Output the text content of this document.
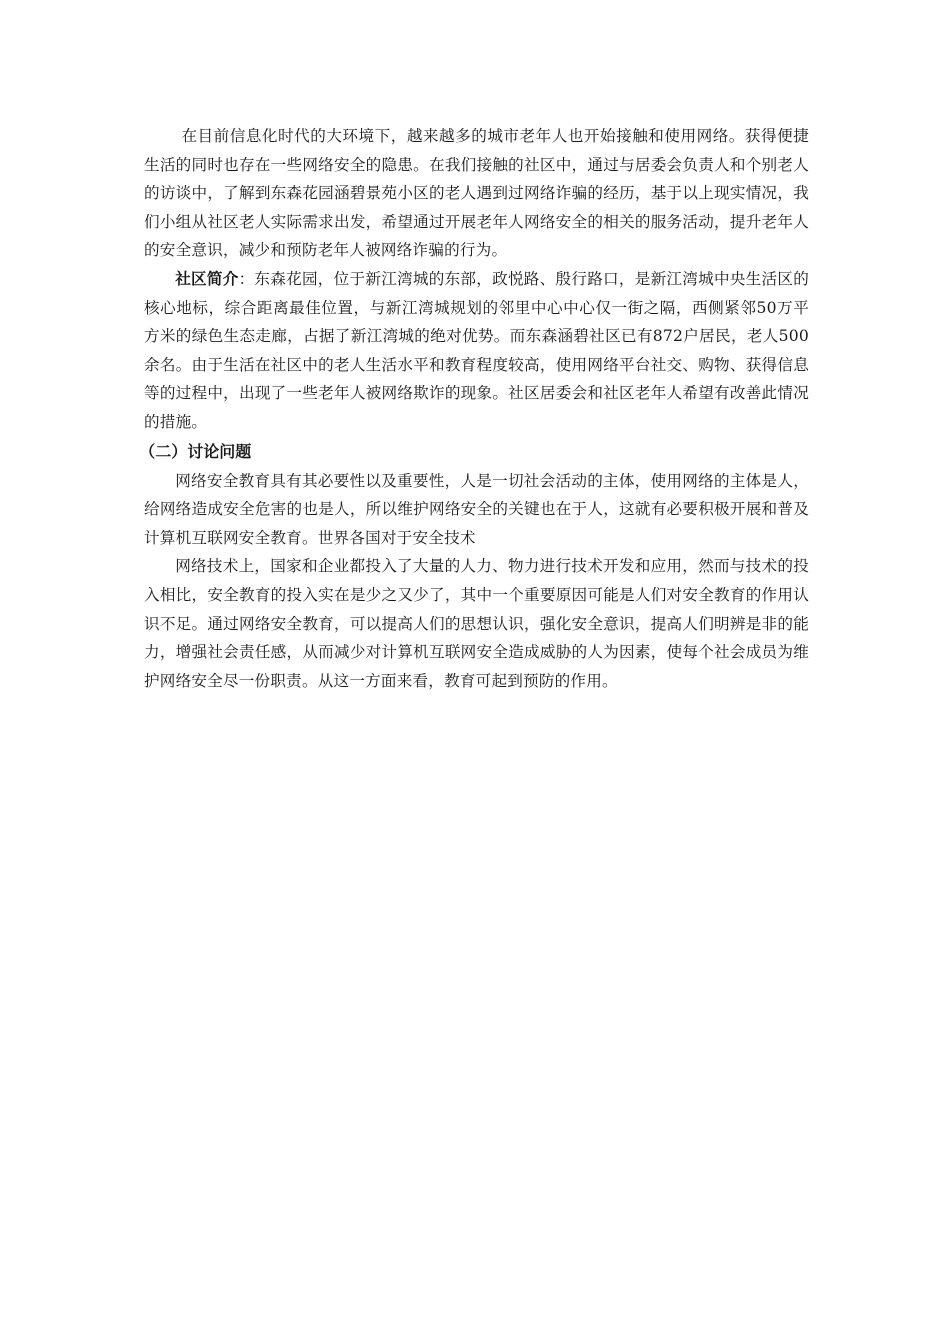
在目前信息化时代的大环境下，越来越多的城市老年人也开始接触和使用网络。获得便捷生活的同时也存在一些网络安全的隐患。在我们接触的社区中，通过与居委会负责人和个别老人的访谈中，了解到东森花园涵碧景苑小区的老人遇到过网络诈骗的经历，基于以上现实情况，我们小组从社区老人实际需求出发，希望通过开展老年人网络安全的相关的服务活动，提升老年人的安全意识，减少和预防老年人被网络诈骗的行为。

社区简介：东森花园，位于新江湾城的东部，政悦路、殷行路口，是新江湾城中央生活区的核心地标，综合距离最佳位置，与新江湾城规划的邻里中心中心仅一街之隔，西侧紧邻50万平方米的绿色生态走廊，占据了新江湾城的绝对优势。而东森涵碧社区已有872户居民，老人500余名。由于生活在社区中的老人生活水平和教育程度较高，使用网络平台社交、购物、获得信息等的过程中，出现了一些老年人被网络欺诈的现象。社区居委会和社区老年人希望有改善此情况的措施。

（二）讨论问题

网络安全教育具有其必要性以及重要性，人是一切社会活动的主体，使用网络的主体是人，给网络造成安全危害的也是人，所以维护网络安全的关键也在于人，这就有必要积极开展和普及计算机互联网安全教育。世界各国对于安全技术

网络技术上，国家和企业都投入了大量的人力、物力进行技术开发和应用，然而与技术的投入相比，安全教育的投入实在是少之又少了，其中一个重要原因可能是人们对安全教育的作用认识不足。通过网络安全教育，可以提高人们的思想认识，强化安全意识，提高人们明辨是非的能力，增强社会责任感，从而减少对计算机互联网安全造成威胁的人为因素，使每个社会成员为维护网络安全尽一份职责。从这一方面来看，教育可起到预防的作用。
